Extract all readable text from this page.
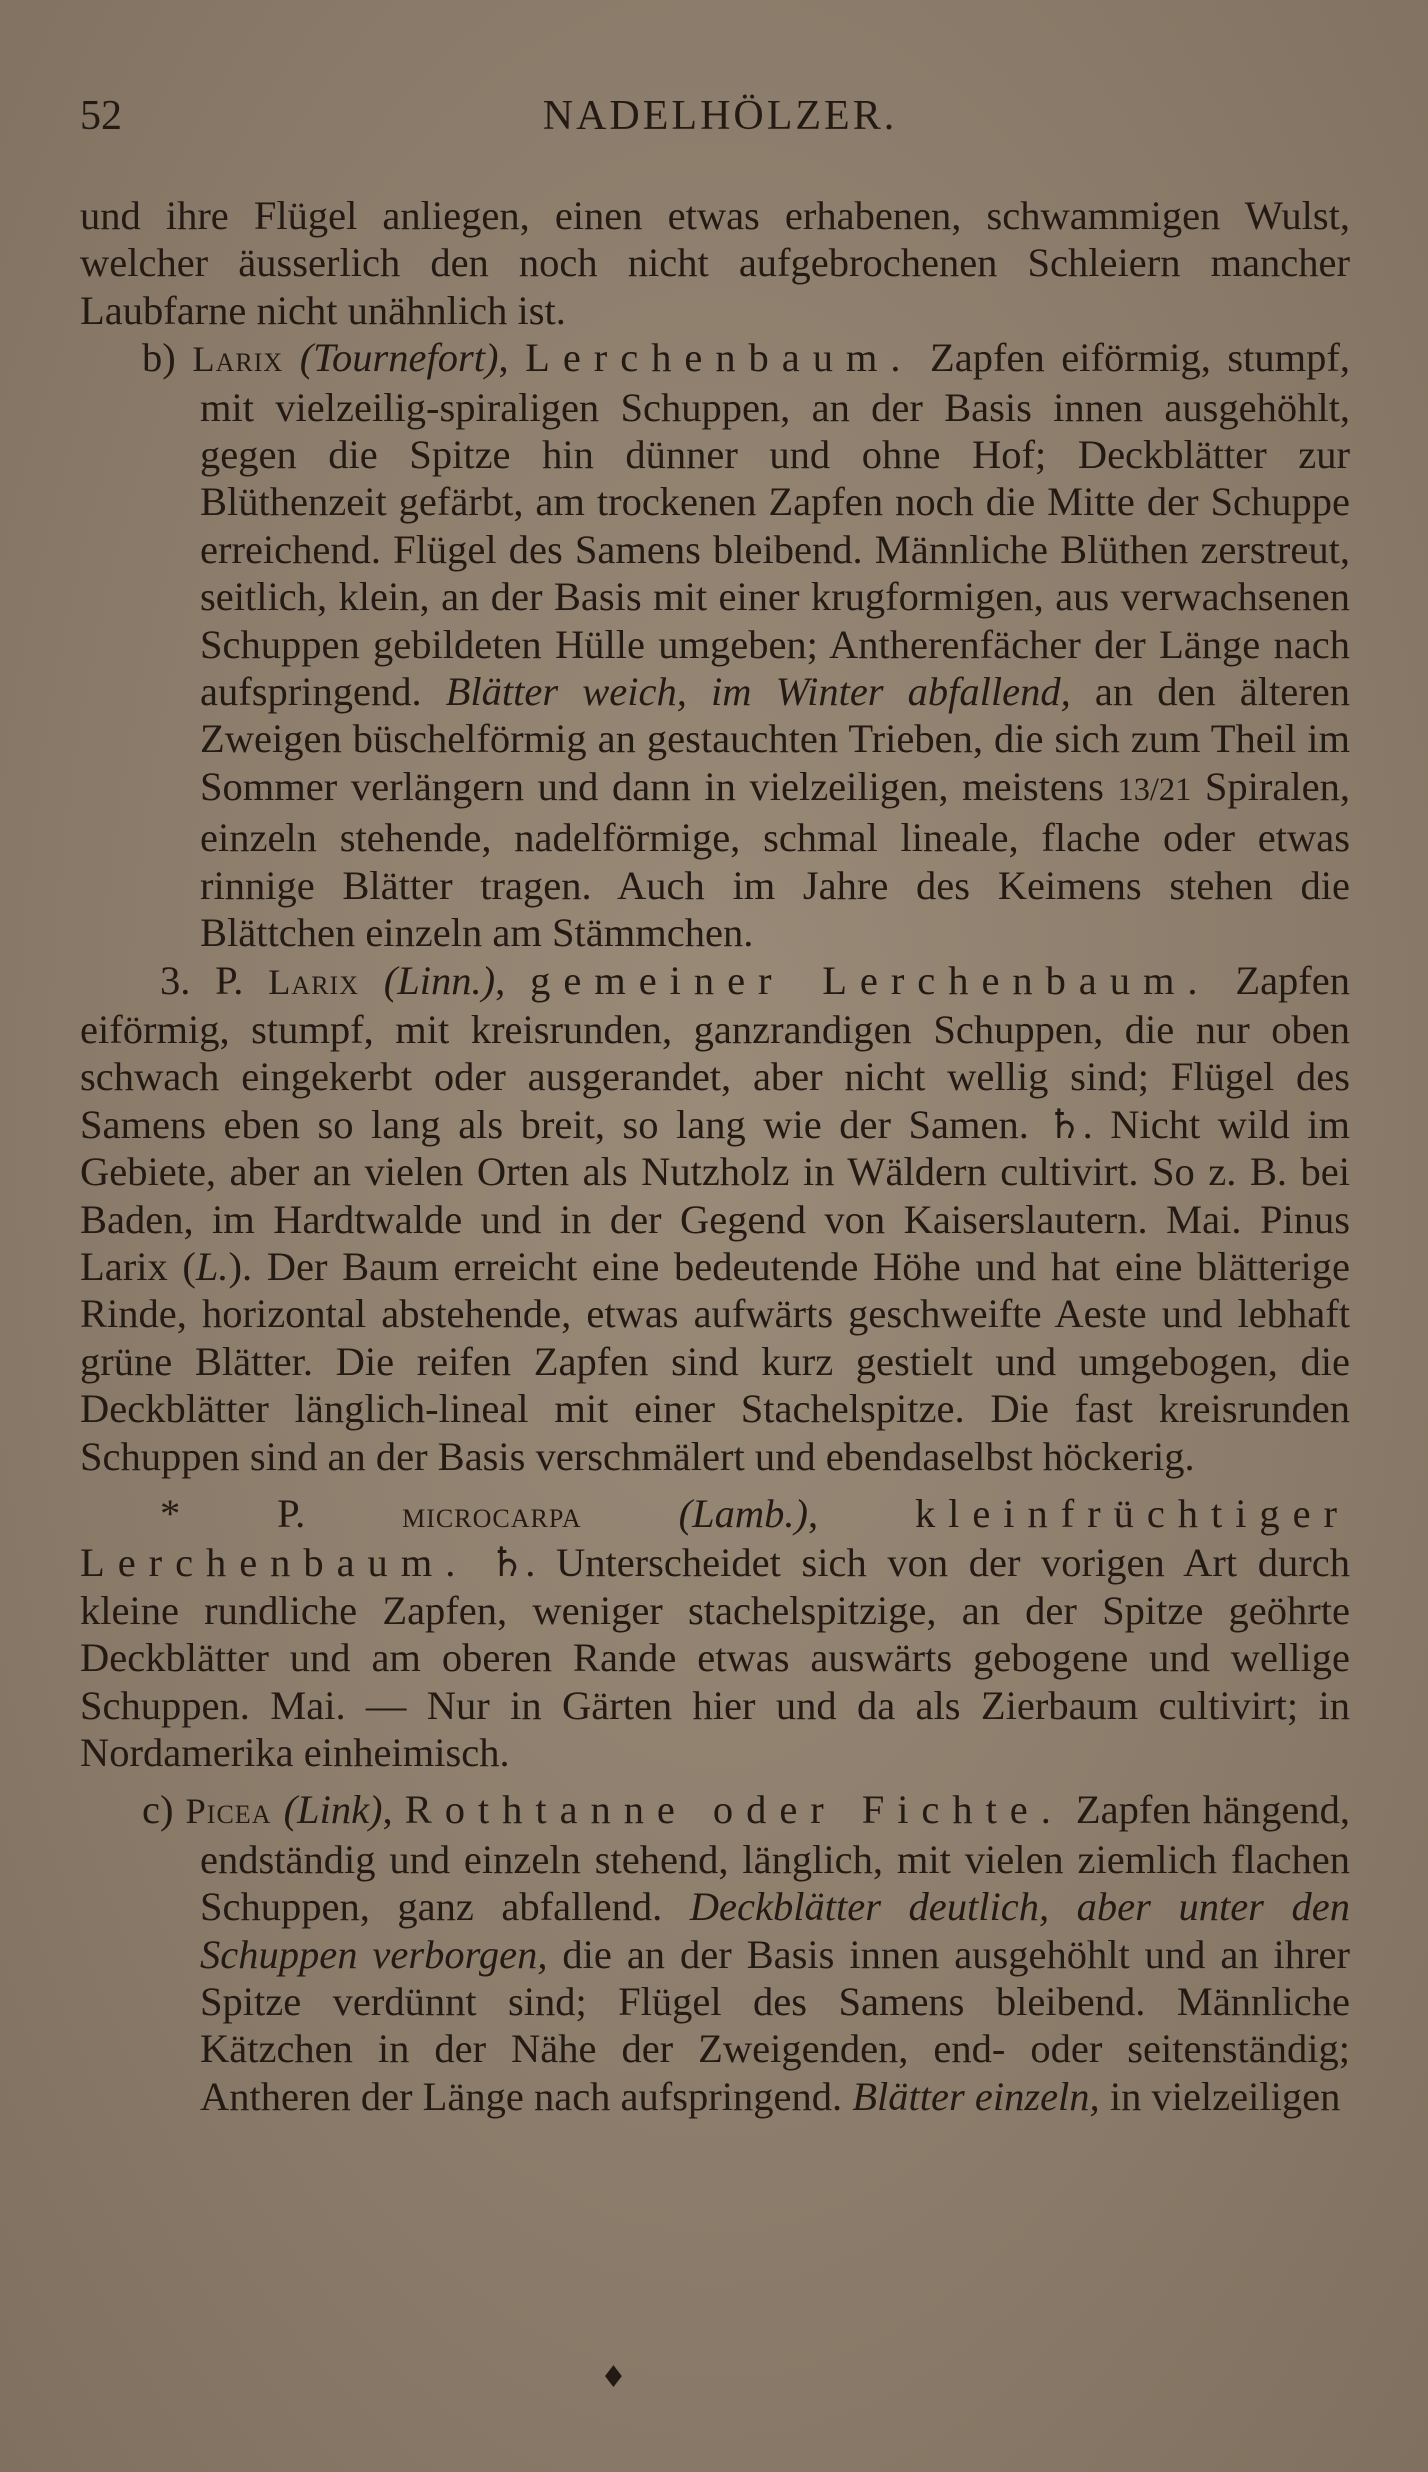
52	NADELHÖLZER.

und ihre Flügel anliegen, einen etwas erhabenen, schwammigen Wulst, welcher äusserlich den noch nicht aufgebrochenen Schleiern mancher Laubfarne nicht unähnlich ist.

b) Larix (Tournefort), Lerchenbaum. Zapfen eiförmig, stumpf, mit vielzeilig-spiraligen Schuppen, an der Basis innen ausgehöhlt, gegen die Spitze hin dünner und ohne Hof; Deckblätter zur Blüthenzeit gefärbt, am trockenen Zapfen noch die Mitte der Schuppe erreichend. Flügel des Samens bleibend. Männliche Blüthen zerstreut, seitlich, klein, an der Basis mit einer krugformigen, aus verwachsenen Schuppen gebildeten Hülle umgeben; Antherenfächer der Länge nach aufspringend. Blätter weich, im Winter abfallend, an den älteren Zweigen büschelförmig an gestauchten Trieben, die sich zum Theil im Sommer verlängern und dann in vielzeiligen, meistens 13/21 Spiralen, einzeln stehende, nadelförmige, schmal lineale, flache oder etwas rinnige Blätter tragen. Auch im Jahre des Keimens stehen die Blättchen einzeln am Stämmchen.

3. P. Larix (Linn.), gemeiner Lerchenbaum. Zapfen eiförmig, stumpf, mit kreisrunden, ganzrandigen Schuppen, die nur oben schwach eingekerbt oder ausgerandet, aber nicht wellig sind; Flügel des Samens eben so lang als breit, so lang wie der Samen. ♄. Nicht wild im Gebiete, aber an vielen Orten als Nutzholz in Wäldern cultivirt. So z. B. bei Baden, im Hardtwalde und in der Gegend von Kaiserslautern. Mai. Pinus Larix (L.). Der Baum erreicht eine bedeutende Höhe und hat eine blätterige Rinde, horizontal abstehende, etwas aufwärts geschweifte Aeste und lebhaft grüne Blätter. Die reifen Zapfen sind kurz gestielt und umgebogen, die Deckblätter länglich-lineal mit einer Stachelspitze. Die fast kreisrunden Schuppen sind an der Basis verschmälert und ebendaselbst höckerig.

* P.	microcarpa (Lamb.), kleinfrüchtiger Lerchenbaum. ♄. Unterscheidet sich von der vorigen Art durch kleine rundliche Zapfen, weniger stachelspitzige, an der Spitze geöhrte Deckblätter und am oberen Rande etwas auswärts gebogene und wellige Schuppen. Mai. — Nur in Gärten hier und da als Zierbaum cultivirt; in Nordamerika einheimisch.

c) Picea (Link), Rothtanne oder Fichte. Zapfen hängend, endständig und einzeln stehend, länglich, mit vielen ziemlich flachen Schuppen, ganz abfallend. Deckblätter deutlich, aber unter den Schuppen verborgen, die an der Basis innen ausgehöhlt und an ihrer Spitze verdünnt sind; Flügel des Samens bleibend. Männliche Kätzchen in der Nähe der Zweigenden, end- oder seitenständig; Antheren der Länge nach aufspringend. Blätter einzeln, in vielzeiligen

♦
